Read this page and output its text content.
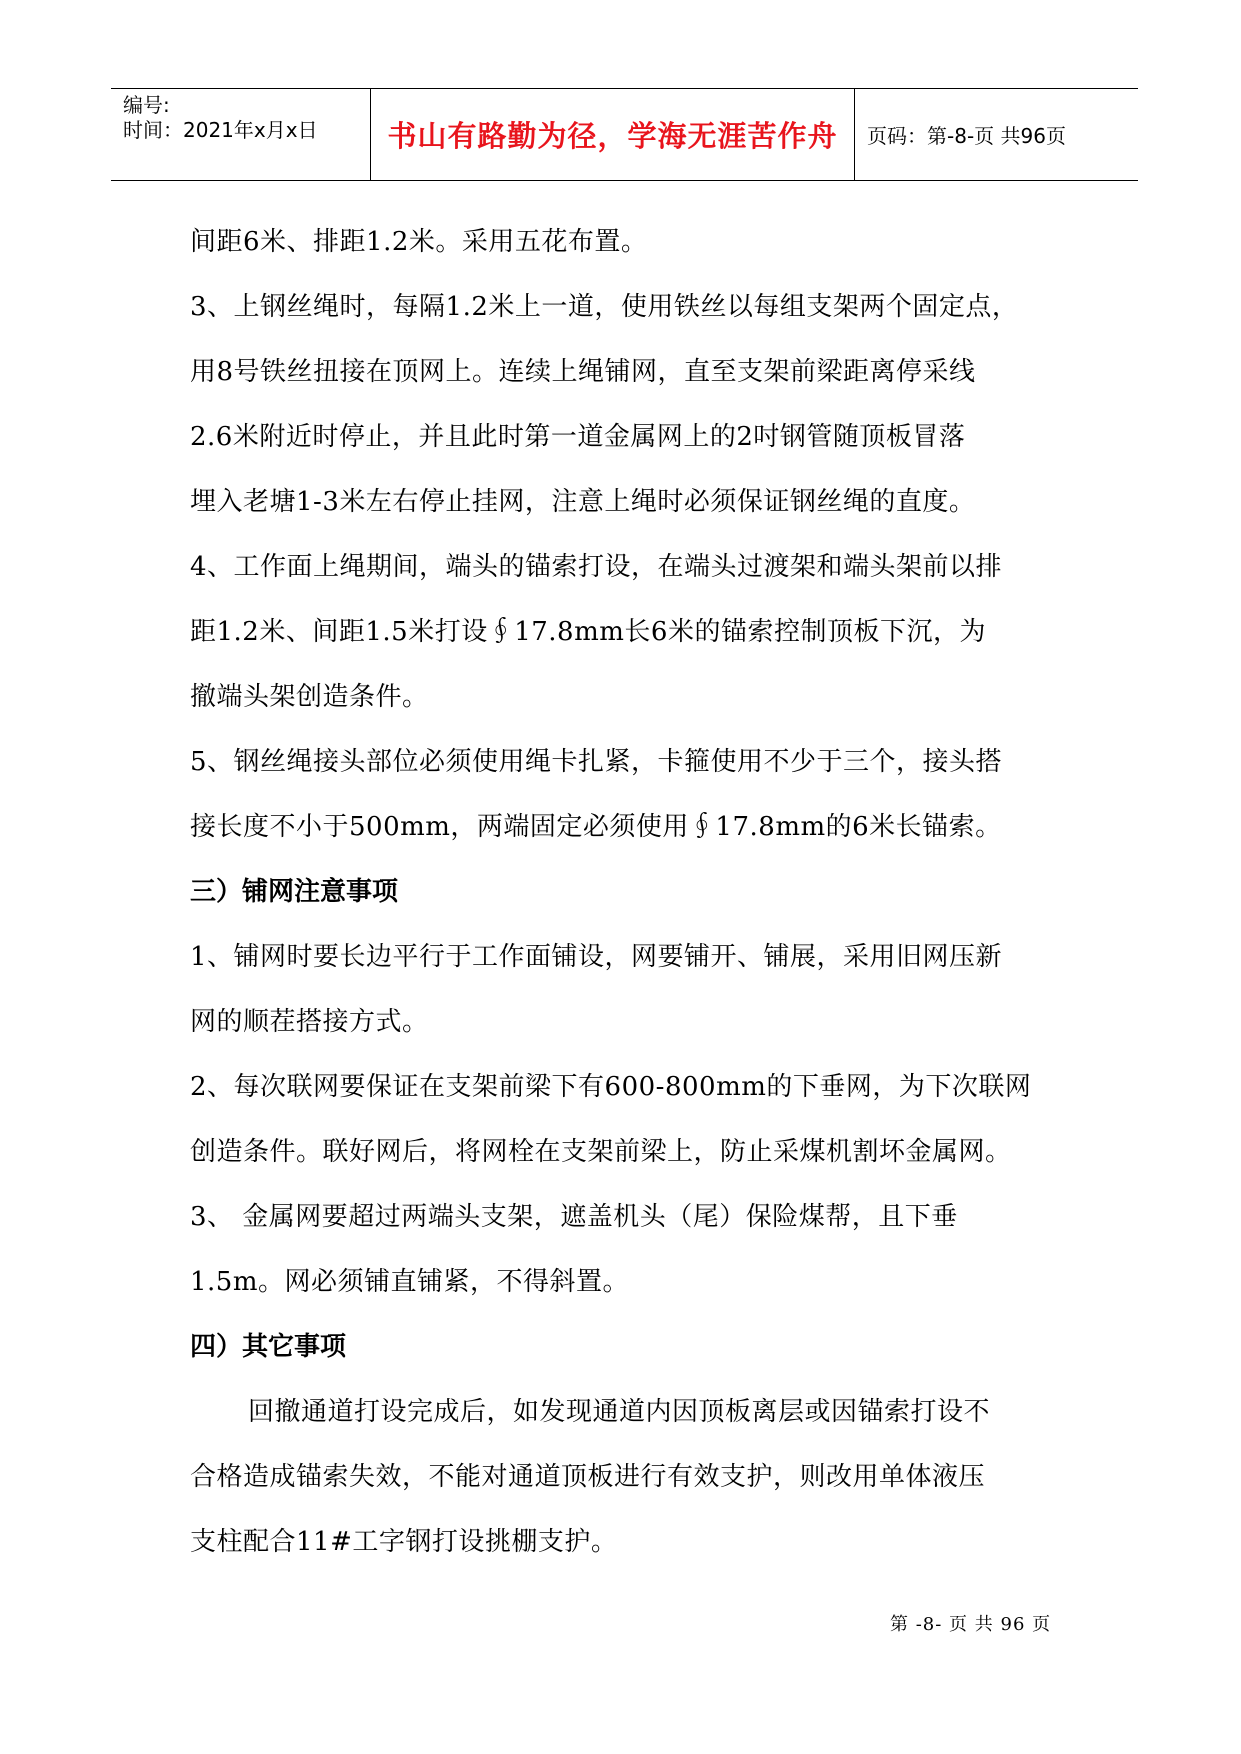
编号:
时间：2021年x月x日 书山有路勤为径，学海无涯苦作舟 页码：第-8-页 共96页
间距6米、排距1.2米。采用五花布置。
3、上钢丝绳时，每隔1.2米上一道，使用铁丝以每组支架两个固定点，
用8号铁丝扭接在顶网上。连续上绳铺网，直至支架前梁距离停采线
2.6米附近时停止，并且此时第一道金属网上的2吋钢管随顶板冒落
埋入老塘1-3米左右停止挂网，注意上绳时必须保证钢丝绳的直度。
4、工作面上绳期间，端头的锚索打设，在端头过渡架和端头架前以排
距1.2米、间距1.5米打设∮17.8mm长6米的锚索控制顶板下沉，为
撤端头架创造条件。
5、钢丝绳接头部位必须使用绳卡扎紧，卡箍使用不少于三个，接头搭
接长度不小于500mm，两端固定必须使用∮17.8mm的6米长锚索。
三）铺网注意事项
1、铺网时要长边平行于工作面铺设，网要铺开、铺展，采用旧网压新
网的顺茬搭接方式。
2、每次联网要保证在支架前梁下有600-800mm的下垂网，为下次联网
创造条件。联好网后，将网栓在支架前梁上，防止采煤机割坏金属网。
3、 金属网要超过两端头支架，遮盖机头（尾）保险煤帮，且下垂
1.5m。网必须铺直铺紧，不得斜置。
四）其它事项
回撤通道打设完成后，如发现通道内因顶板离层或因锚索打设不
合格造成锚索失效，不能对通道顶板进行有效支护，则改用单体液压
支柱配合11#工字钢打设挑棚支护。
第 -8- 页 共 96 页
